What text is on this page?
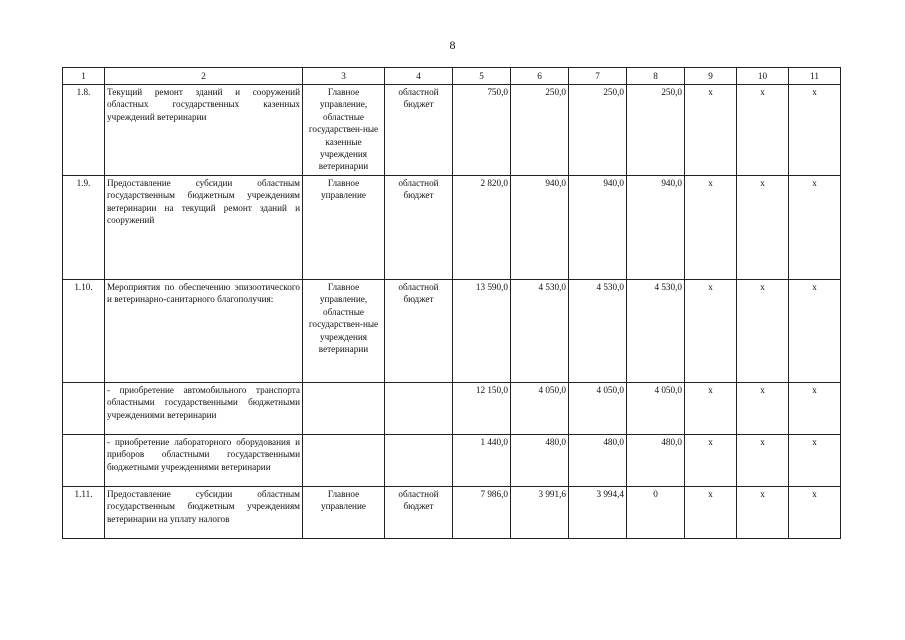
8
1	2	3	4	5	6	7	8	9	10	11
1.8.	Текущий ремонт зданий и сооружений областных государственных казенных учреждений ветеринарии	Главное управление, областные государствен-ные казенные учреждения ветеринарии	областной бюджет	750,0	250,0	250,0	250,0	x	x	x
1.9.	Предоставление субсидии областным государственным бюджетным учреждениям ветеринарии на текущий ремонт зданий и сооружений	Главное управление	областной бюджет	2 820,0	940,0	940,0	940,0	x	x	x
1.10.	Мероприятия по обеспечению эпизоотического и ветеринарно-санитарного благополучия:	Главное управление, областные государствен-ные учреждения ветеринарии	областной бюджет	13 590,0	4 530,0	4 530,0	4 530,0	x	x	x
	- приобретение автомобильного транспорта областными государственными бюджетными учреждениями ветеринарии			12 150,0	4 050,0	4 050,0	4 050,0	x	x	x
	- приобретение лабораторного оборудования и приборов областными государственными бюджетными учреждениями ветеринарии			1 440,0	480,0	480,0	480,0	x	x	x
1.11.	Предоставление субсидии областным государственным бюджетным учреждениям ветеринарии на уплату налогов	Главное управление	областной бюджет	7 986,0	3 991,6	3 994,4	0	x	x	x
